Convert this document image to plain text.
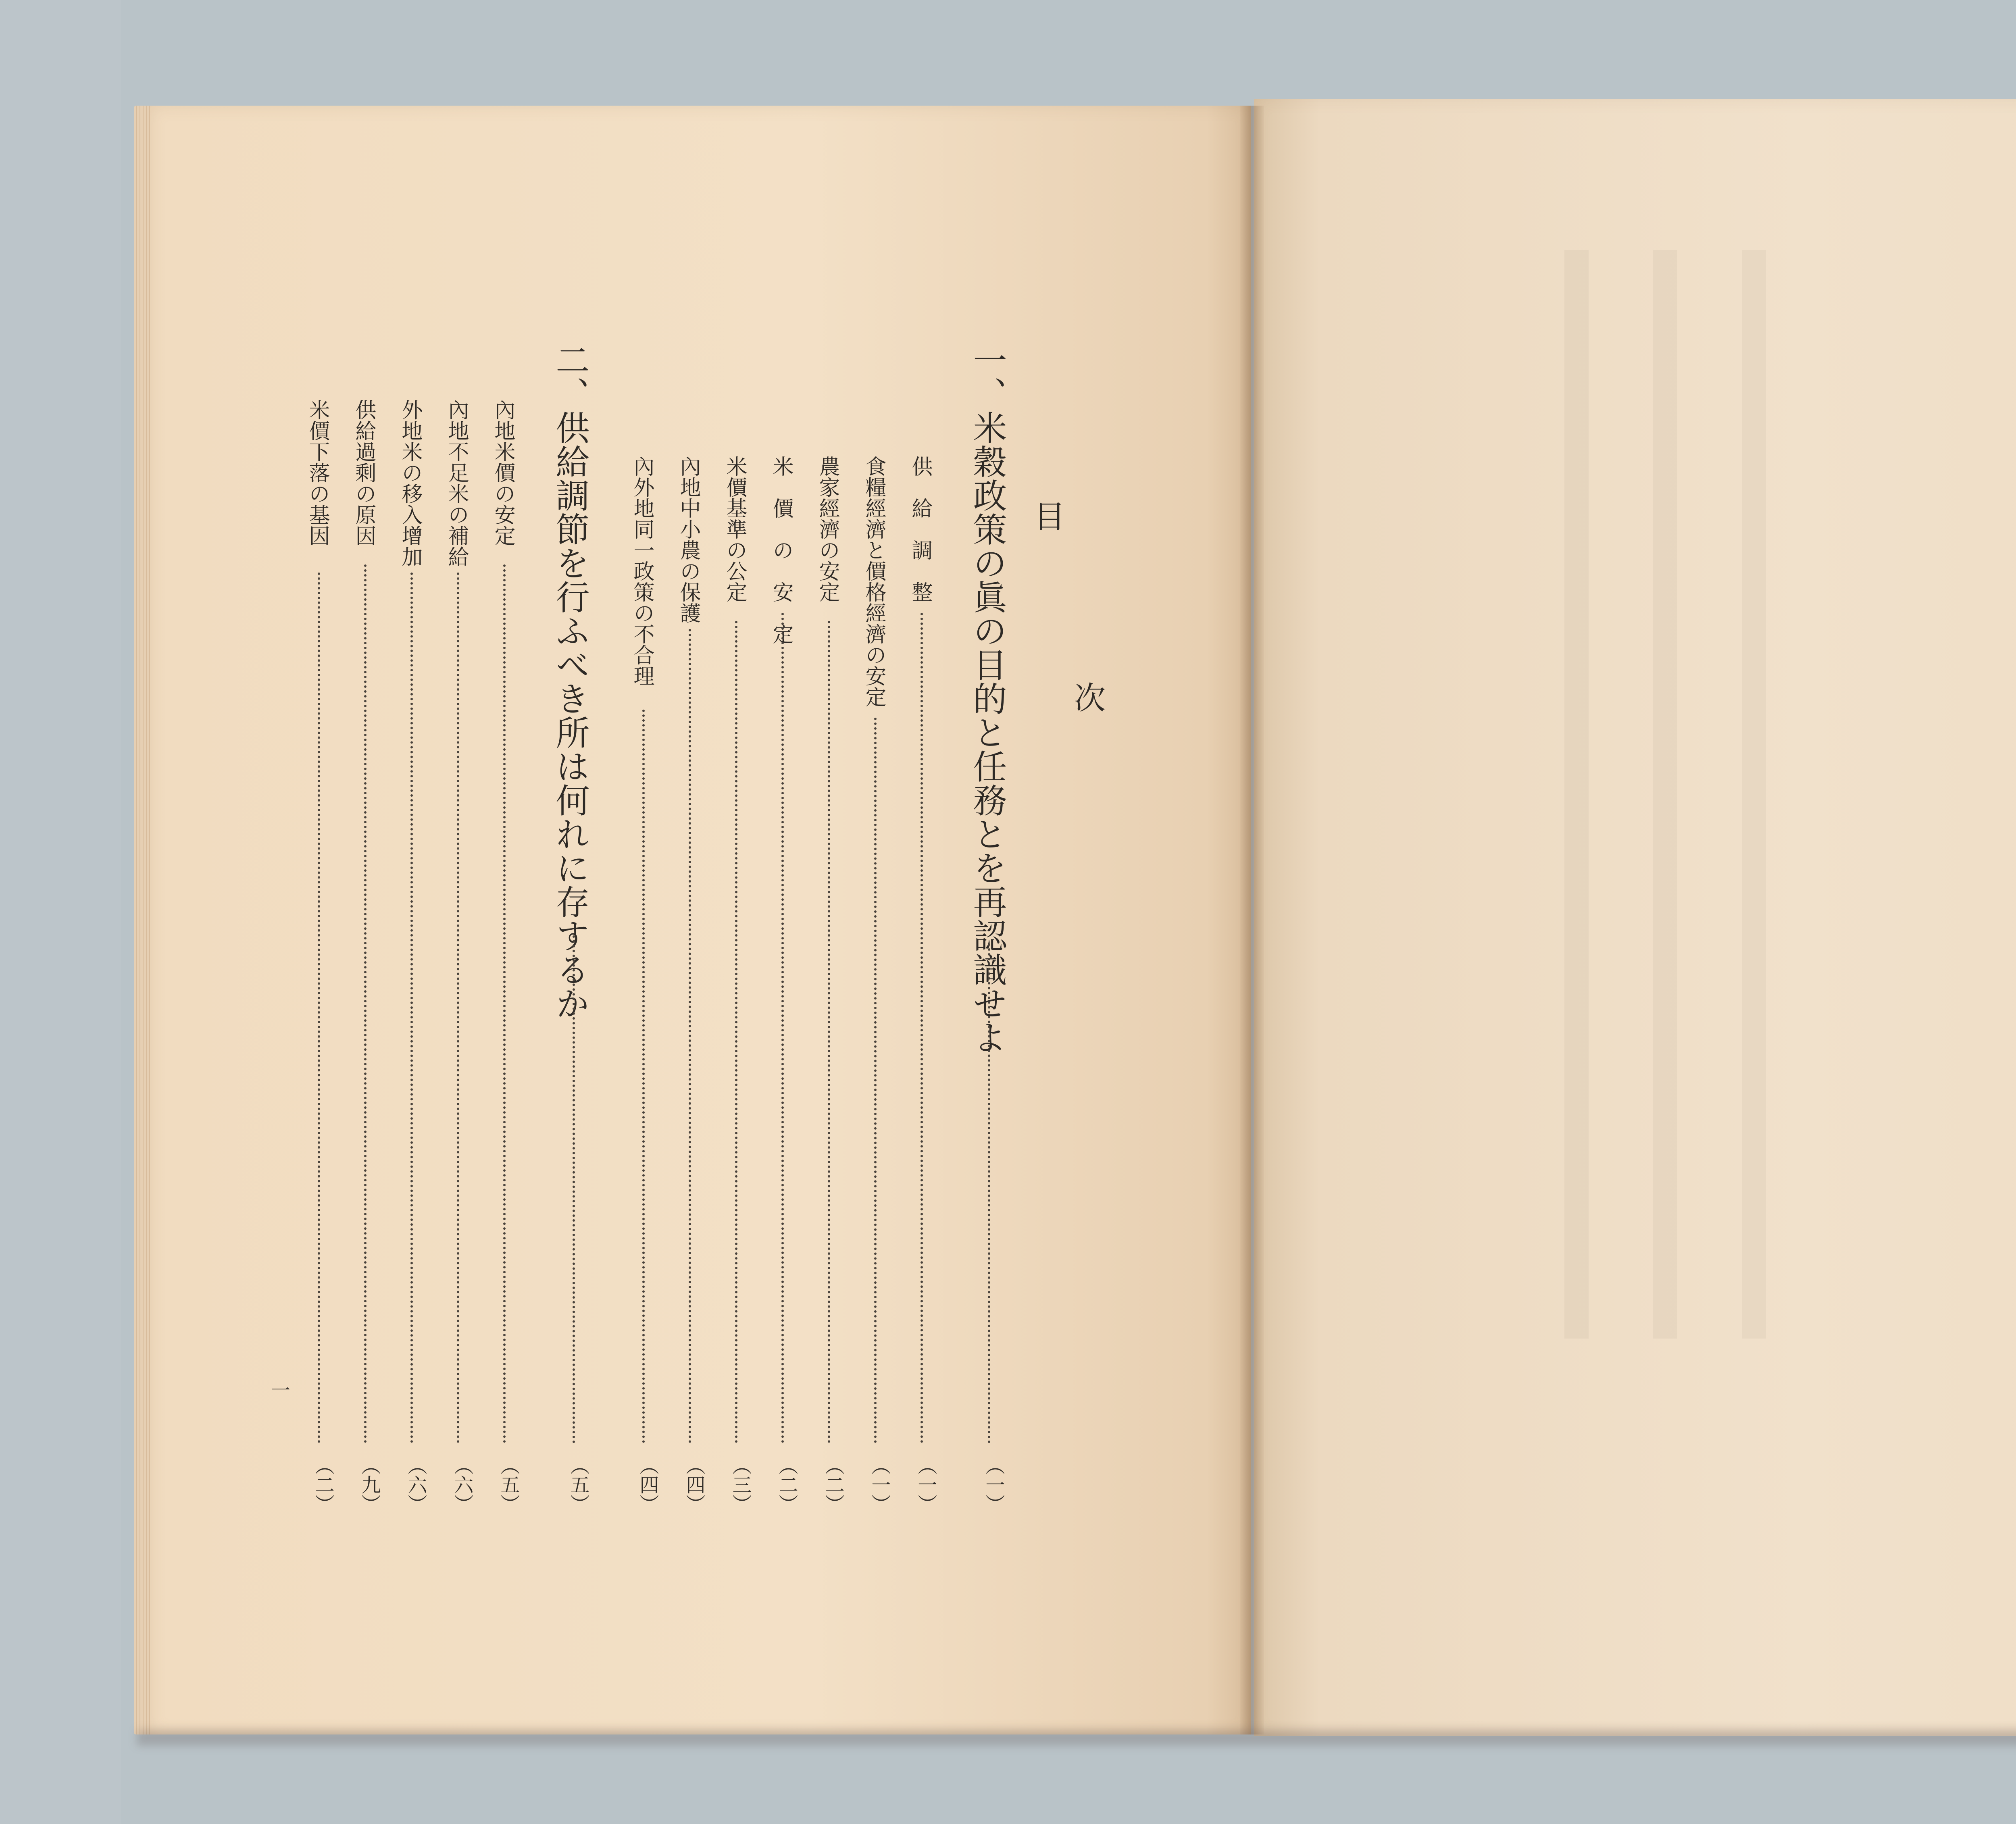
目
次
一、米穀政策の眞の目的と任務とを再認識せよ
（一）
供　給　調　整
（一）
食糧經濟と價格經濟の安定
（一）
農家經濟の安定
（二）
米　價　の　安　定
（二）
米價基準の公定
（三）
內地中小農の保護
（四）
內外地同一政策の不合理
（四）
二、供給調節を行ふべき所は何れに存するか
（五）
內地米價の安定
（五）
內地不足米の補給
（六）
外地米の移入增加
（六）
供給過剩の原因
（九）
米價下落の基因
（二）
一
